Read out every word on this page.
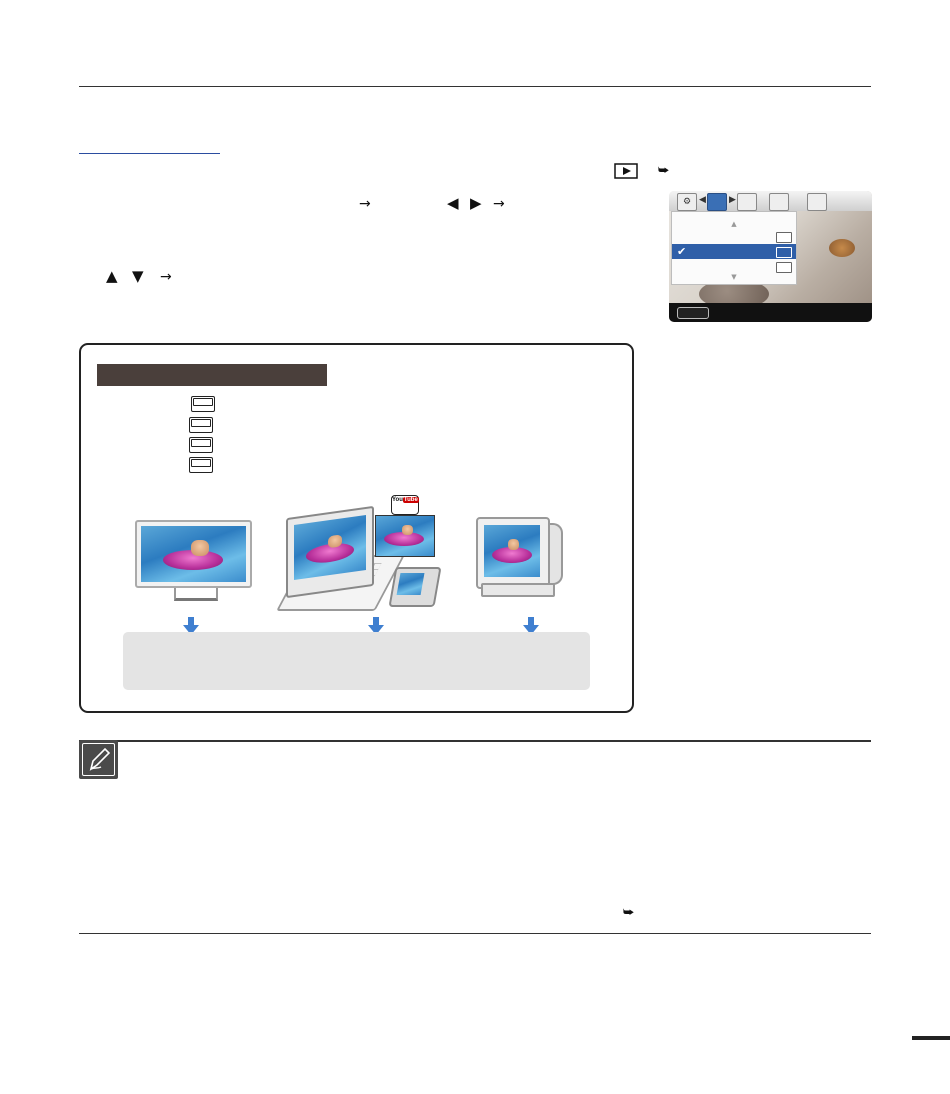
⮩
→	◀ ▶ →
▲ ▼ →
⚙ ◀	▶
▲
✔
▼
YouTube
⮩
